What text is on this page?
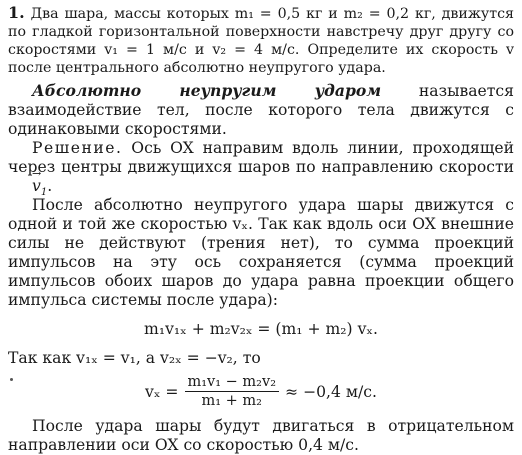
1. Два шара, массы которых m₁ = 0,5 кг и m₂ = 0,2 кг, движутся по гладкой горизонтальной поверхности навстречу друг другу со скоростями v₁ = 1 м/с и v₂ = 4 м/с. Определите их скорость v после центрального абсолютно неупругого удара.

Абсолютно неупругим ударом называется взаимодействие тел, после которого тела движутся с одинаковыми скоростями.

Решение. Ось OX направим вдоль линии, проходящей через центры движущихся шаров по направлению скорости → $v_1$.

После абсолютно неупругого удара шары движутся с одной и той же скоростью vₓ. Так как вдоль оси OX внешние силы не действуют (трения нет), то сумма проекций импульсов на эту ось сохраняется (сумма проекций импульсов обоих шаров до удара равна проекции общего импульса системы после удара):

m₁v₁ₓ + m₂v₂ₓ = (m₁ + m₂) vₓ.

Так как v₁ₓ = v₁, а v₂ₓ = −v₂, то

$v_x = \frac{\text{m₁v₁ − m₂v₂}}{\text{m₁ + m₂}} \approx -0,4$ м/с.

После удара шары будут двигаться в отрицательном направлении оси OX со скоростью 0,4 м/с.
